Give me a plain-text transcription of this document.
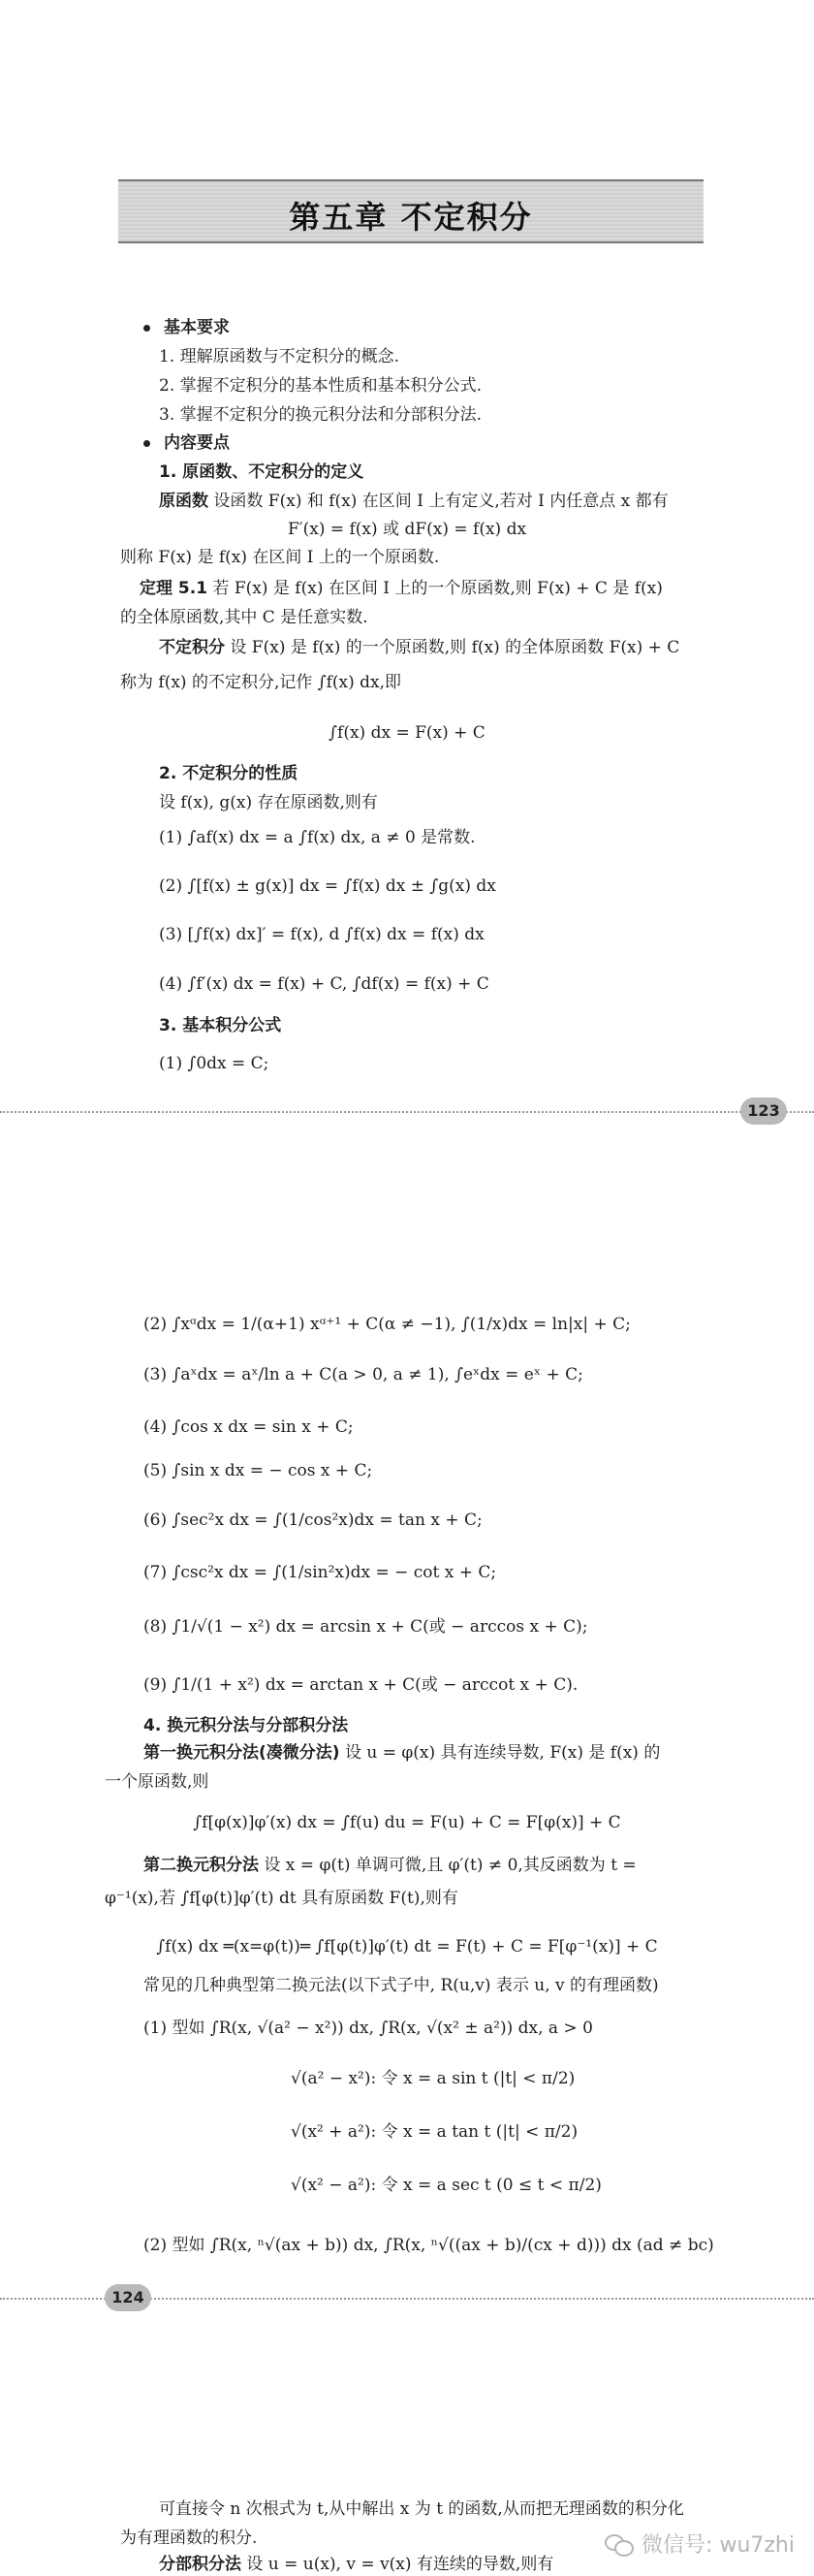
第五章 不定积分
基本要求
1. 理解原函数与不定积分的概念.
2. 掌握不定积分的基本性质和基本积分公式.
3. 掌握不定积分的换元积分法和分部积分法.
内容要点
1. 原函数、不定积分的定义
原函数 设函数 F(x) 和 f(x) 在区间 I 上有定义,若对 I 内任意点 x 都有
F′(x) = f(x) 或 dF(x) = f(x) dx
则称 F(x) 是 f(x) 在区间 I 上的一个原函数.
定理 5.1 若 F(x) 是 f(x) 在区间 I 上的一个原函数,则 F(x) + C 是 f(x)
的全体原函数,其中 C 是任意实数.
不定积分 设 F(x) 是 f(x) 的一个原函数,则 f(x) 的全体原函数 F(x) + C
称为 f(x) 的不定积分,记作 ∫f(x) dx,即
∫f(x) dx = F(x) + C
2. 不定积分的性质
设 f(x), g(x) 存在原函数,则有
(1) ∫af(x) dx = a ∫f(x) dx, a ≠ 0 是常数.
(2) ∫[f(x) ± g(x)] dx = ∫f(x) dx ± ∫g(x) dx
(3) [∫f(x) dx]′ = f(x), d ∫f(x) dx = f(x) dx
(4) ∫f′(x) dx = f(x) + C, ∫df(x) = f(x) + C
3. 基本积分公式
(1) ∫0dx = C;
123
(2) ∫xᵅdx = 1/(α+1) xᵅ⁺¹ + C(α ≠ −1), ∫(1/x)dx = ln|x| + C;
(3) ∫aˣdx = aˣ/ln a + C(a > 0, a ≠ 1), ∫eˣdx = eˣ + C;
(4) ∫cos x dx = sin x + C;
(5) ∫sin x dx = − cos x + C;
(6) ∫sec²x dx = ∫(1/cos²x)dx = tan x + C;
(7) ∫csc²x dx = ∫(1/sin²x)dx = − cot x + C;
(8) ∫1/√(1 − x²) dx = arcsin x + C(或 − arccos x + C);
(9) ∫1/(1 + x²) dx = arctan x + C(或 − arccot x + C).
4. 换元积分法与分部积分法
第一换元积分法(凑微分法) 设 u = φ(x) 具有连续导数, F(x) 是 f(x) 的
一个原函数,则
∫f[φ(x)]φ′(x) dx = ∫f(u) du = F(u) + C = F[φ(x)] + C
第二换元积分法 设 x = φ(t) 单调可微,且 φ′(t) ≠ 0,其反函数为 t =
φ⁻¹(x),若 ∫f[φ(t)]φ′(t) dt 具有原函数 F(t),则有
∫f(x) dx ═(x=φ(t))═ ∫f[φ(t)]φ′(t) dt = F(t) + C = F[φ⁻¹(x)] + C
常见的几种典型第二换元法(以下式子中, R(u,v) 表示 u, v 的有理函数)
(1) 型如 ∫R(x, √(a² − x²)) dx, ∫R(x, √(x² ± a²)) dx, a > 0
√(a² − x²): 令 x = a sin t (|t| < π/2)
√(x² + a²): 令 x = a tan t (|t| < π/2)
√(x² − a²): 令 x = a sec t (0 ≤ t < π/2)
(2) 型如 ∫R(x, ⁿ√(ax + b)) dx, ∫R(x, ⁿ√((ax + b)/(cx + d))) dx (ad ≠ bc)
124
可直接令 n 次根式为 t,从中解出 x 为 t 的函数,从而把无理函数的积分化
微信号: wu7zhi
为有理函数的积分.
分部积分法 设 u = u(x), v = v(x) 有连续的导数,则有
